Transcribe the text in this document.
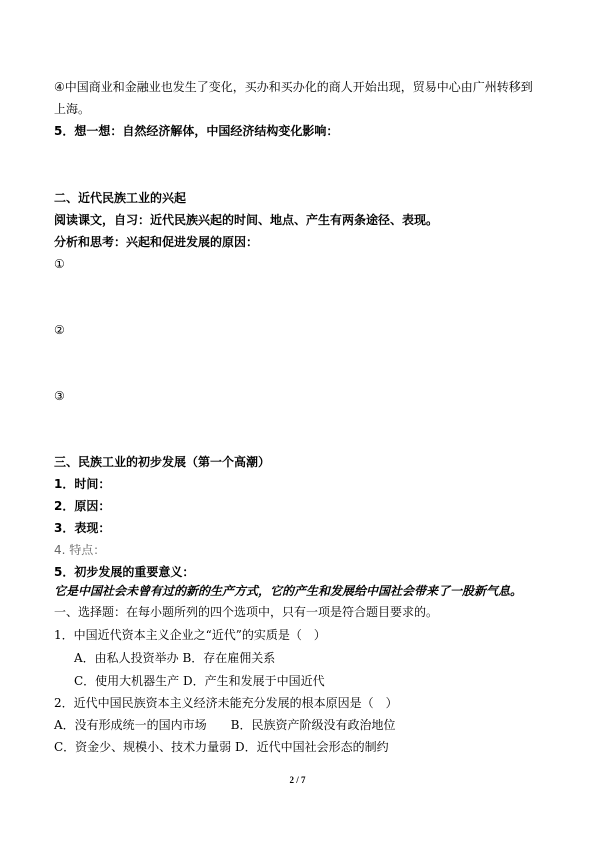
④中国商业和金融业也发生了变化，买办和买办化的商人开始出现，贸易中心由广州转移到
上海。
5．想一想：自然经济解体，中国经济结构变化影响：
二、近代民族工业的兴起
阅读课文，自习：近代民族兴起的时间、地点、产生有两条途径、表现。
分析和思考：兴起和促进发展的原因：
①
②
③
三、民族工业的初步发展（第一个高潮）
1．时间：
2．原因：
3．表现：
4. 特点：
5．初步发展的重要意义：
它是中国社会未曾有过的新的生产方式，它的产生和发展给中国社会带来了一股新气息。
一、选择题：在每小题所列的四个选项中，只有一项是符合题目要求的。
1．中国近代资本主义企业之“近代”的实质是（　）
A．由私人投资举办 B．存在雇佣关系
C．使用大机器生产 D．产生和发展于中国近代
2．近代中国民族资本主义经济未能充分发展的根本原因是（　）
A．没有形成统一的国内市场　　B．民族资产阶级没有政治地位
C．资金少、规模小、技术力量弱 D．近代中国社会形态的制约
2 / 7
